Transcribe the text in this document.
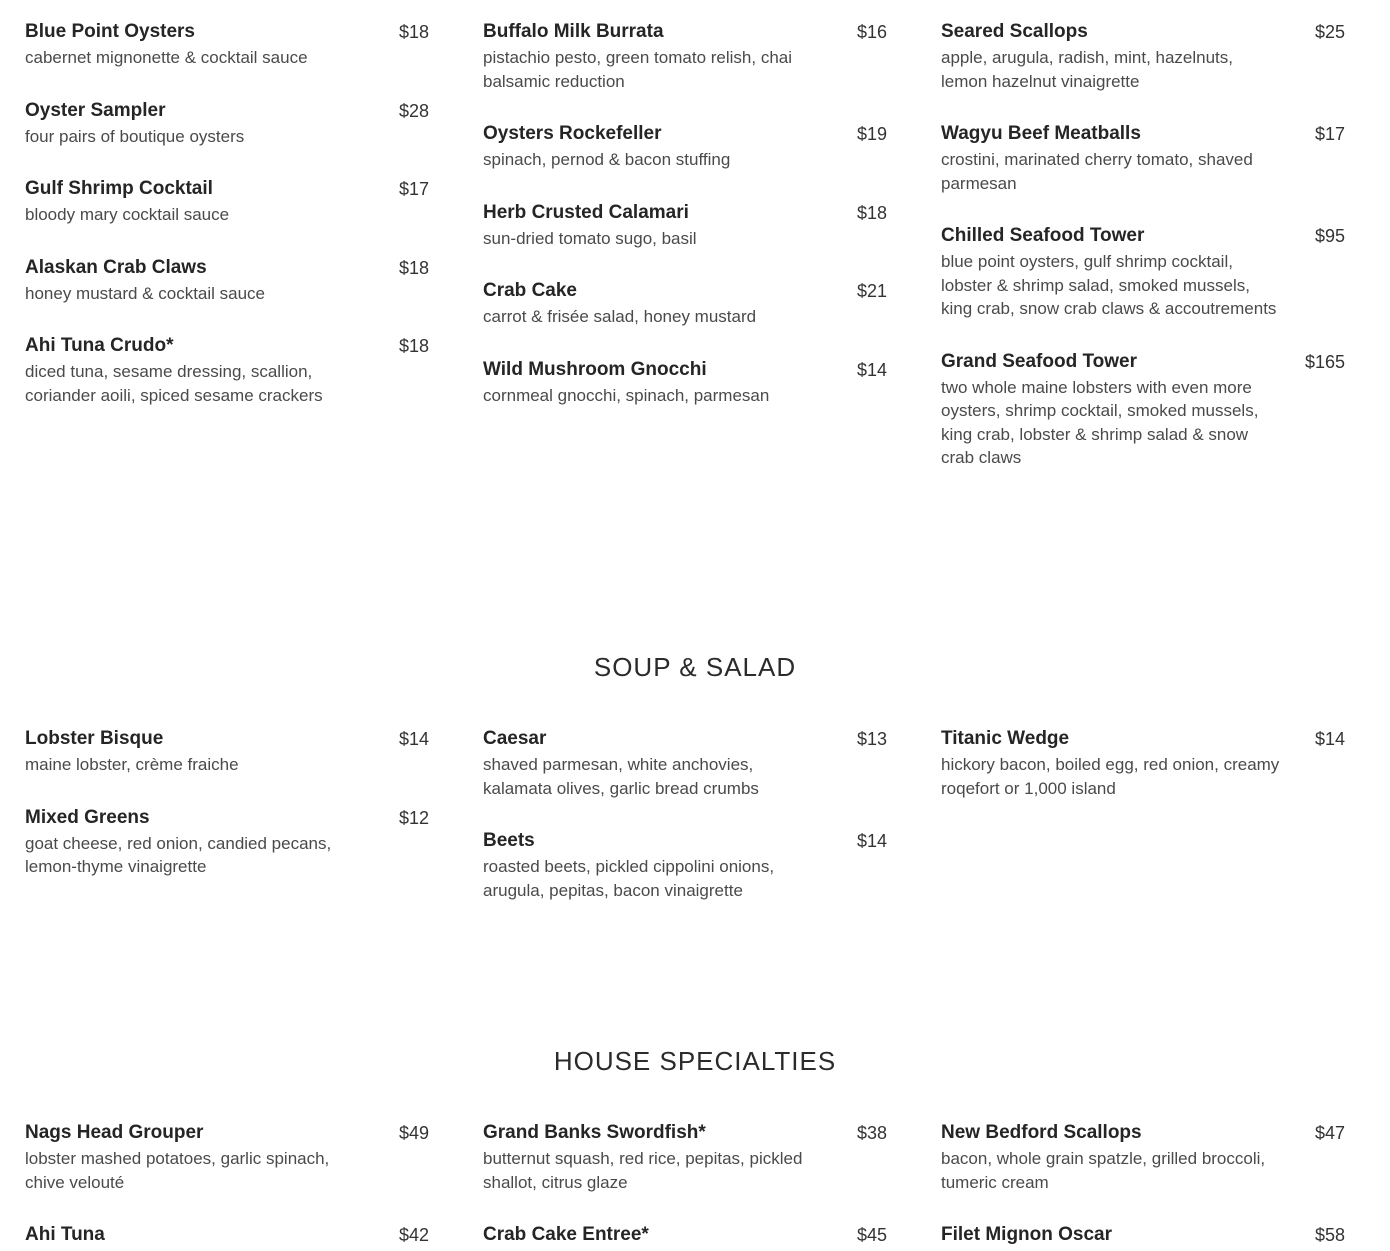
Blue Point Oysters	$18

cabernet mignonette & cocktail sauce

Oyster Sampler	$28

four pairs of boutique oysters

Gulf Shrimp Cocktail	$17

bloody mary cocktail sauce

Alaskan Crab Claws	$18

honey mustard & cocktail sauce

Ahi Tuna Crudo*	$18

diced tuna, sesame dressing, scallion, coriander aoili, spiced sesame crackers

Buffalo Milk Burrata	$16

pistachio pesto, green tomato relish, chai balsamic reduction

Oysters Rockefeller	$19

spinach, pernod & bacon stuffing

Herb Crusted Calamari	$18

sun-dried tomato sugo, basil

Crab Cake	$21

carrot & frisée salad, honey mustard

Wild Mushroom Gnocchi	$14

cornmeal gnocchi, spinach, parmesan

Seared Scallops	$25

apple, arugula, radish, mint, hazelnuts, lemon hazelnut vinaigrette

Wagyu Beef Meatballs	$17

crostini, marinated cherry tomato, shaved parmesan

Chilled Seafood Tower	$95

blue point oysters, gulf shrimp cocktail, lobster & shrimp salad, smoked mussels, king crab, snow crab claws & accoutrements

Grand Seafood Tower	$165

two whole maine lobsters with even more oysters, shrimp cocktail, smoked mussels, king crab, lobster & shrimp salad & snow crab claws

SOUP & SALAD
Lobster Bisque	$14

maine lobster, crème fraiche

Mixed Greens	$12

goat cheese, red onion, candied pecans, lemon-thyme vinaigrette

Caesar	$13

shaved parmesan, white anchovies, kalamata olives, garlic bread crumbs

Beets	$14

roasted beets, pickled cippolini onions, arugula, pepitas, bacon vinaigrette

Titanic Wedge	$14

hickory bacon, boiled egg, red onion, creamy roqefort or 1,000 island

HOUSE SPECIALTIES
Nags Head Grouper	$49

lobster mashed potatoes, garlic spinach, chive velouté

Ahi Tuna	$42

Grand Banks Swordfish*	$38

butternut squash, red rice, pepitas, pickled shallot, citrus glaze

Crab Cake Entree*	$45

New Bedford Scallops	$47

bacon, whole grain spatzle, grilled broccoli, tumeric cream

Filet Mignon Oscar	$58
